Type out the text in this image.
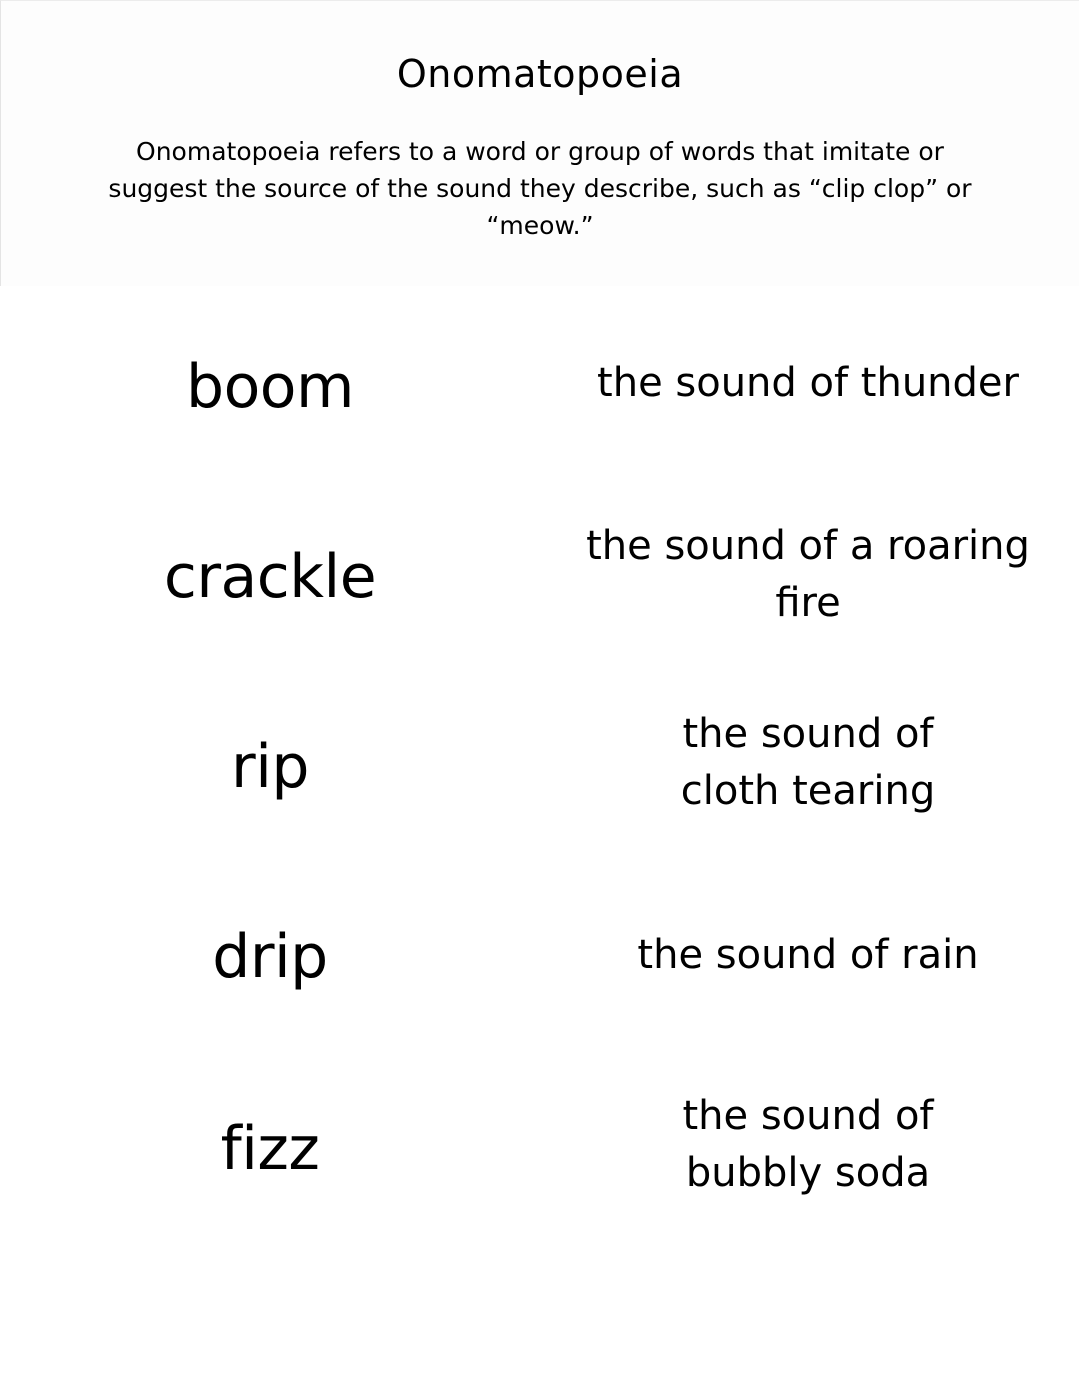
Onomatopoeia
Onomatopoeia refers to a word or group of words that imitate or suggest the source of the sound they describe, such as “clip clop” or “meow.”
boom	the sound of thunder
crackle	the sound of a roaring fire
rip	the sound of cloth tearing
drip	the sound of rain
fizz	the sound of bubbly soda
